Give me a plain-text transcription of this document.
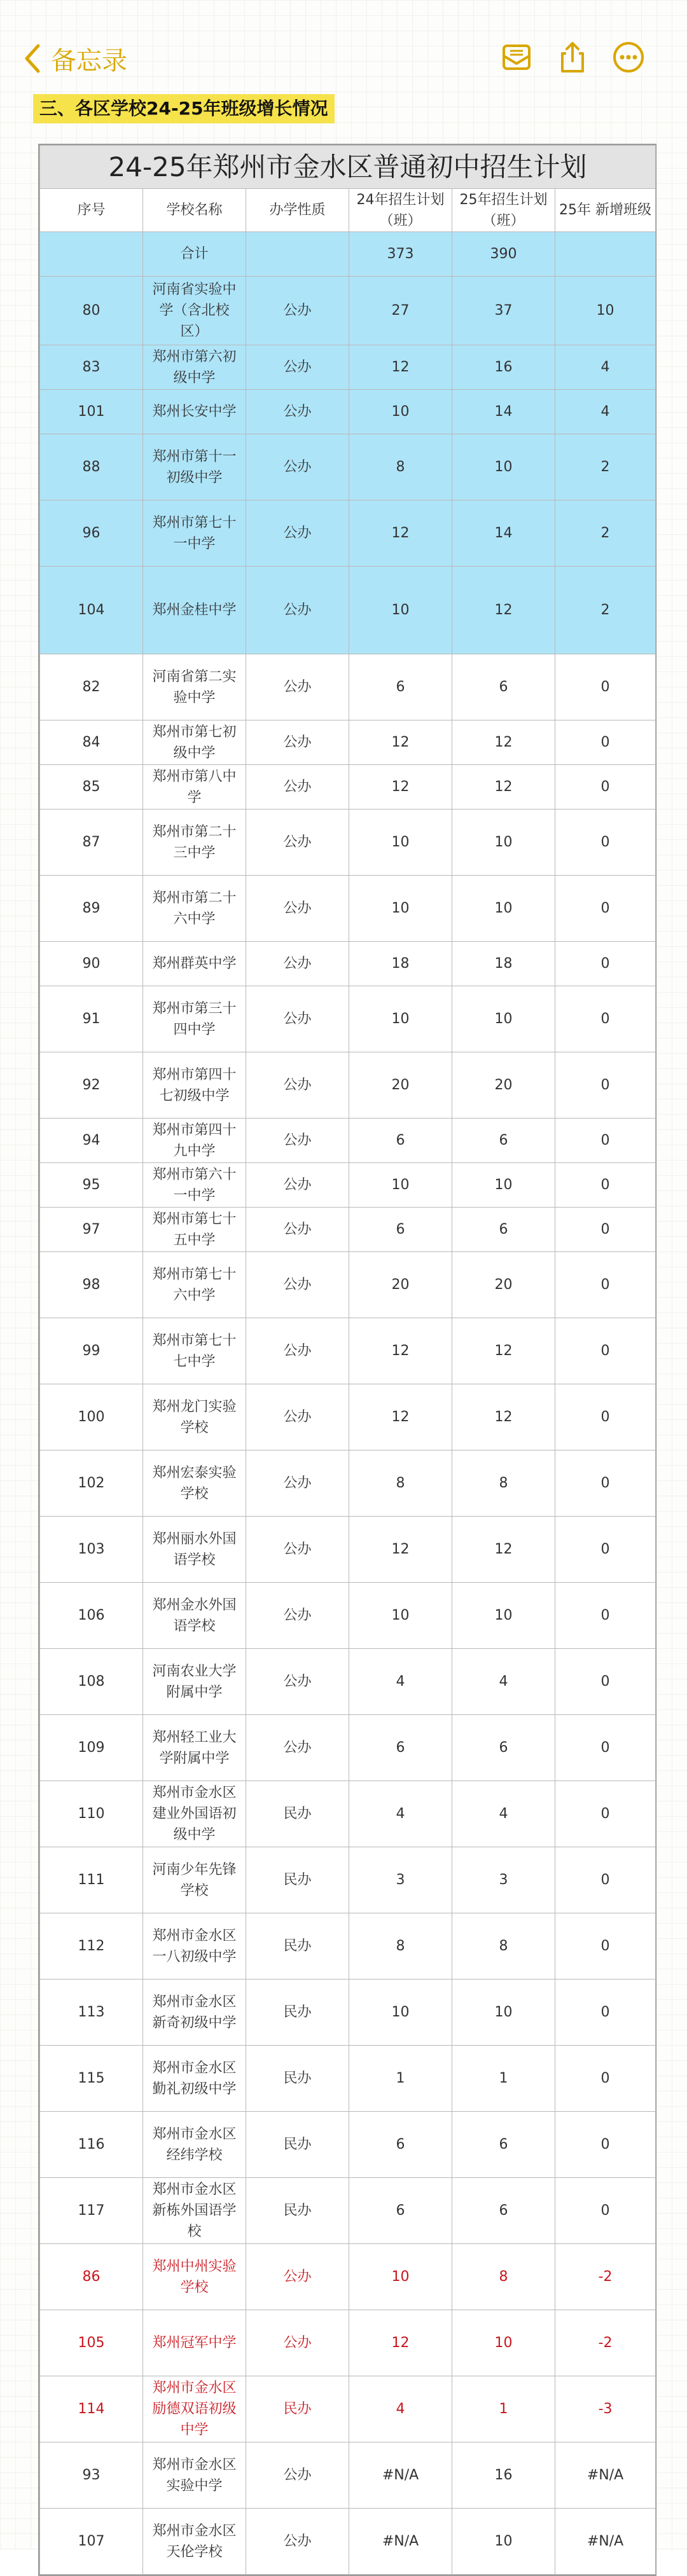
备忘录
三、各区学校24-25年班级增长情况
24-25年郑州市金水区普通初中招生计划					
序号	学校名称	办学性质	24年招生计划（班）	25年招生计划（班）	25年 新增班级
	合计		373	390	
80	河南省实验中学（含北校区）	公办	27	37	10
83	郑州市第六初级中学	公办	12	16	4
101	郑州长安中学	公办	10	14	4
88	郑州市第十一初级中学	公办	8	10	2
96	郑州市第七十一中学	公办	12	14	2
104	郑州金桂中学	公办	10	12	2
82	河南省第二实验中学	公办	6	6	0
84	郑州市第七初级中学	公办	12	12	0
85	郑州市第八中学	公办	12	12	0
87	郑州市第二十三中学	公办	10	10	0
89	郑州市第二十六中学	公办	10	10	0
90	郑州群英中学	公办	18	18	0
91	郑州市第三十四中学	公办	10	10	0
92	郑州市第四十七初级中学	公办	20	20	0
94	郑州市第四十九中学	公办	6	6	0
95	郑州市第六十一中学	公办	10	10	0
97	郑州市第七十五中学	公办	6	6	0
98	郑州市第七十六中学	公办	20	20	0
99	郑州市第七十七中学	公办	12	12	0
100	郑州龙门实验学校	公办	12	12	0
102	郑州宏泰实验学校	公办	8	8	0
103	郑州丽水外国语学校	公办	12	12	0
106	郑州金水外国语学校	公办	10	10	0
108	河南农业大学附属中学	公办	4	4	0
109	郑州轻工业大学附属中学	公办	6	6	0
110	郑州市金水区建业外国语初级中学	民办	4	4	0
111	河南少年先锋学校	民办	3	3	0
112	郑州市金水区一八初级中学	民办	8	8	0
113	郑州市金水区新奇初级中学	民办	10	10	0
115	郑州市金水区勤礼初级中学	民办	1	1	0
116	郑州市金水区经纬学校	民办	6	6	0
117	郑州市金水区新栋外国语学校	民办	6	6	0
86	郑州中州实验学校	公办	10	8	-2
105	郑州冠军中学	公办	12	10	-2
114	郑州市金水区励德双语初级中学	民办	4	1	-3
93	郑州市金水区实验中学	公办	#N/A	16	#N/A
107	郑州市金水区天伦学校	公办	#N/A	10	#N/A
